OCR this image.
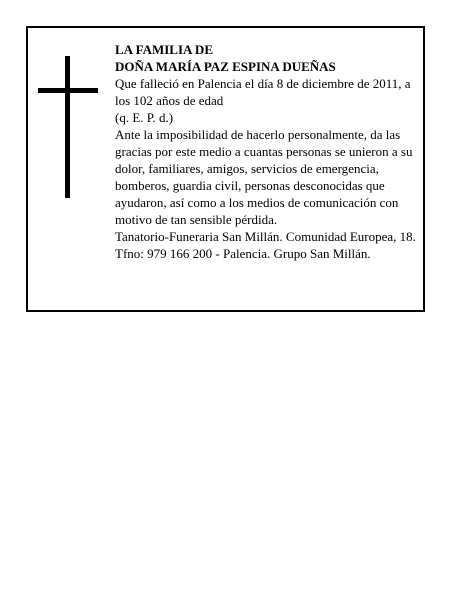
LA FAMILIA DE

DOÑA MARÍA PAZ ESPINA DUEÑAS

Que falleció en Palencia el día 8 de diciembre de 2011, a los 102 años de edad

(q. E. P. d.)

Ante la imposibilidad de hacerlo personalmente, da las gracias por este medio a cuantas personas se unieron a su dolor, familiares, amigos, servicios de emergencia, bomberos, guardia civil, personas desconocidas que ayudaron, así como a los medios de comunicación con motivo de tan sensible pérdida.

Tanatorio-Funeraria San Millán. Comunidad Europea, 18. Tfno: 979 166 200 - Palencia. Grupo San Millán.
